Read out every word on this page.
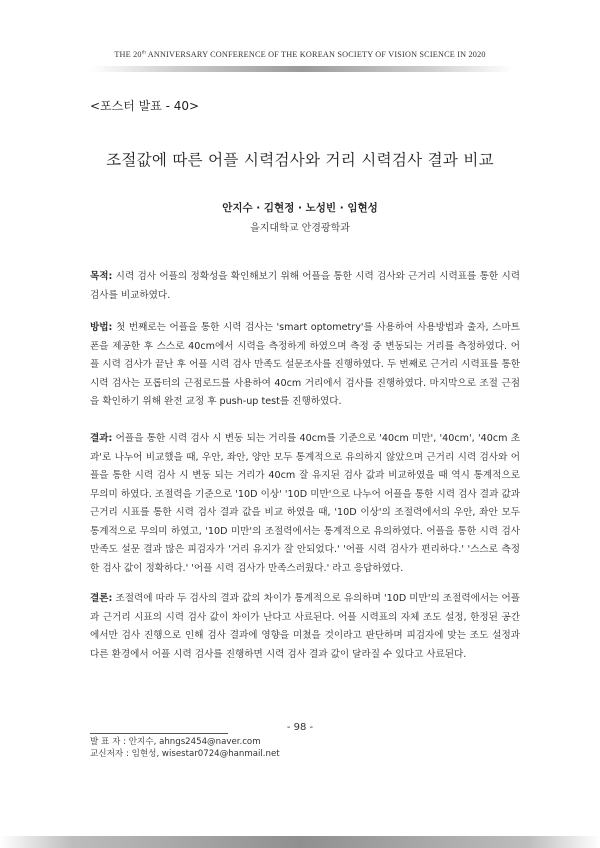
THE 20th ANNIVERSARY CONFERENCE OF THE KOREAN SOCIETY OF VISION SCIENCE IN 2020
<포스터 발표 - 40>
조절값에 따른 어플 시력검사와 거리 시력검사 결과 비교
안지수 · 김현정 · 노성빈 · 임현성
을지대학교 안경광학과
목적: 시력 검사 어플의 정확성을 확인해보기 위해 어플을 통한 시력 검사와 근거리 시력표를 통한 시력검사를 비교하였다.
방법: 첫 번째로는 어플을 통한 시력 검사는 'smart optometry'를 사용하여 사용방법과 출자, 스마트폰을 제공한 후 스스로 40cm에서 시력을 측정하게 하였으며 측정 중 변동되는 거리를 측정하였다. 어플 시력 검사가 끝난 후 어플 시력 검사 만족도 설문조사를 진행하였다. 두 번째로 근거리 시력표를 통한 시력 검사는 포롭터의 근점로드를 사용하여 40cm 거리에서 검사를 진행하였다. 마지막으로 조절 근점을 확인하기 위해 완전 교정 후 push-up test를 진행하였다.
결과: 어플을 통한 시력 검사 시 변동 되는 거리를 40cm를 기준으로 '40cm 미만', '40cm', '40cm 초과'로 나누어 비교했을 때, 우안, 좌안, 양안 모두 통계적으로 유의하지 않았으며 근거리 시력 검사와 어플을 통한 시력 검사 시 변동 되는 거리가 40cm 잘 유지된 검사 값과 비교하였을 때 역시 통계적으로 무의미 하였다. 조절력을 기준으로 '10D 이상' '10D 미만'으로 나누어 어플을 통한 시력 검사 결과 값과 근거리 시표를 통한 시력 검사 결과 값을 비교 하였을 때, '10D 이상'의 조절력에서의 우안, 좌안 모두 통계적으로 무의미 하였고, '10D 미만'의 조절력에서는 통계적으로 유의하였다. 어플을 통한 시력 검사 만족도 설문 결과 많은 피검자가 '거리 유지가 잘 안되었다.' '어플 시력 검사가 편리하다.' '스스로 측정한 검사 값이 정확하다.' '어플 시력 검사가 만족스러웠다.' 라고 응답하였다.
결론: 조절력에 따라 두 검사의 결과 값의 차이가 통계적으로 유의하며 '10D 미만'의 조절력에서는 어플과 근거리 시표의 시력 검사 값이 차이가 난다고 사료된다. 어플 시력표의 자체 조도 설정, 한정된 공간에서만 검사 진행으로 인해 검사 결과에 영향을 미쳤을 것이라고 판단하며 피검자에 맞는 조도 설정과 다른 환경에서 어플 시력 검사를 진행하면 시력 검사 결과 값이 달라질 수 있다고 사료된다.
발 표 자 : 안지수, ahngs2454@naver.com
교신저자 : 임현성, wisestar0724@hanmail.net
- 98 -
